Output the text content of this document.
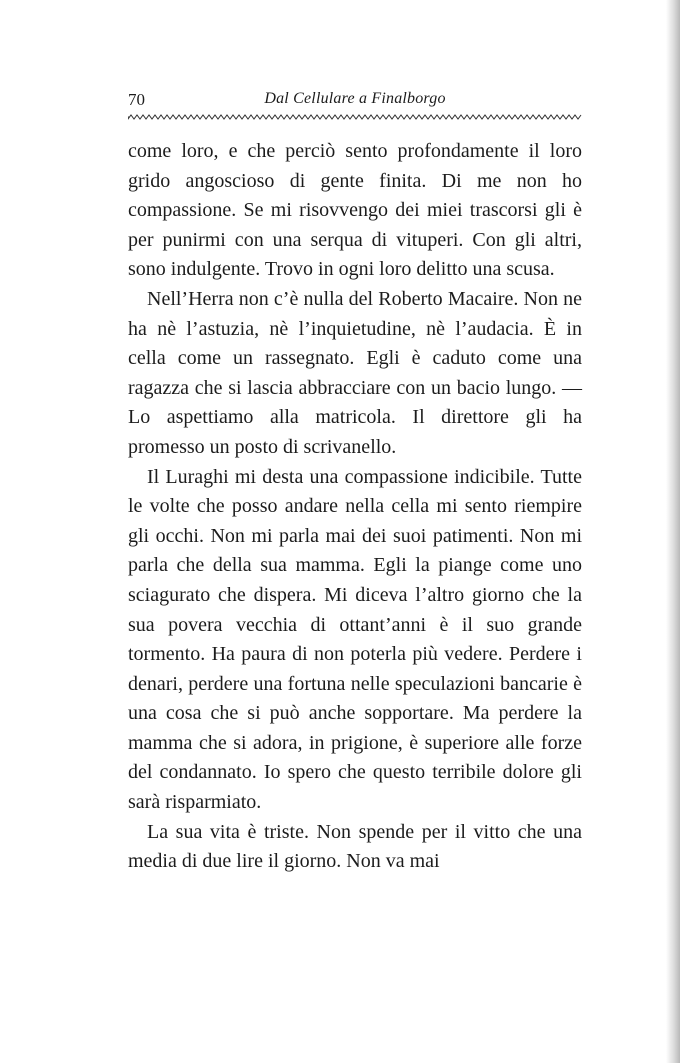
70	Dal Cellulare a Finalborgo

come loro, e che perciò sento profondamente il loro grido angoscioso di gente finita. Di me non ho compassione. Se mi risovvengo dei miei trascorsi gli è per punirmi con una serqua di vituperi. Con gli altri, sono indulgente. Trovo in ogni loro delitto una scusa.

Nell’Herra non c’è nulla del Roberto Macaire. Non ne ha nè l’astuzia, nè l’inquietudine, nè l’audacia. È in cella come un rassegnato. Egli è caduto come una ragazza che si lascia abbracciare con un bacio lungo. — Lo aspettiamo alla matricola. Il direttore gli ha promesso un posto di scrivanello.

Il Luraghi mi desta una compassione indicibile. Tutte le volte che posso andare nella cella mi sento riempire gli occhi. Non mi parla mai dei suoi patimenti. Non mi parla che della sua mamma. Egli la piange come uno sciagurato che dispera. Mi diceva l’altro giorno che la sua povera vecchia di ottant’anni è il suo grande tormento. Ha paura di non poterla più vedere. Perdere i denari, perdere una fortuna nelle speculazioni bancarie è una cosa che si può anche sopportare. Ma perdere la mamma che si adora, in prigione, è superiore alle forze del condannato. Io spero che questo terribile dolore gli sarà risparmiato.

La sua vita è triste. Non spende per il vitto che una media di due lire il giorno. Non va mai
